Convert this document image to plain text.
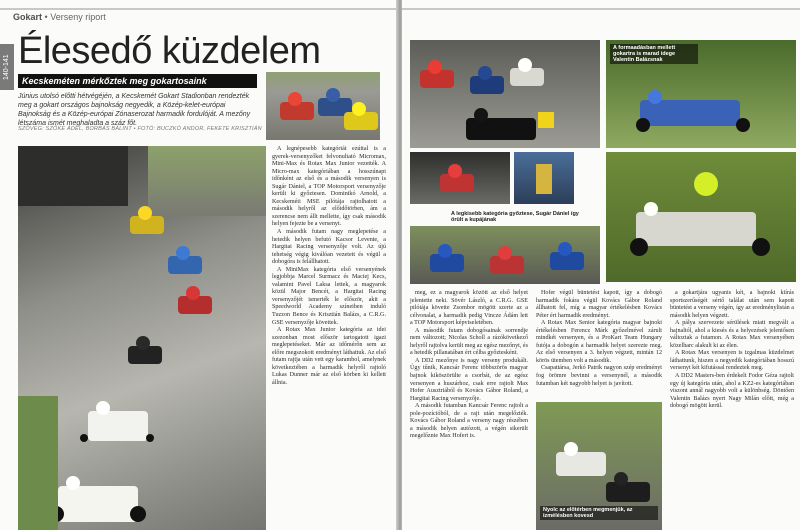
Gokart • Verseny riport
140-141 Élesedő küzdelem
Kecskeméten mérkőztek meg gokartosaink

Június utolsó előtti hétvégéjén, a Kecskemét Gokart Stadionban rendezték meg a gokart országos bajnokság negyedik, a Közép-kelet-európai Bajnokság és a Közép-európai Zónaserozat harmadik fordulóját. A mezőny létszáma ismét meghaladta a száz főt.

SZÖVEG: SZŐKE ÁDEL, BORBÁS BÁLINT • FOTÓ: BUCZKÓ ANDOR, FEKETE KRISZTIÁN

A legnépesebb kategóriát ezúttal is a gyerek-versenyzőket felvonultató Micromax, Mini-Max és Rotax Max Junior vezették. A Micro-max kategóriában a hosszúnapi időnként az első és a második versenyen is Sugár Dániel, a TOP Motorsport versenyzője került ki győztesen. Dominikó Arnold, a Kecskeméti MSE pilótája rajtolhatott a második helyről az előidőtörben, ám a szerencse nem állt mellette, így csak második helyen fejezte be a versenyt.

A második futam nagy meglepetése a hetedik helyen befutó Kacsor Levente, a Hargitai Racing versenyzője volt. Az újú tehetség végig kiválóan vezetett és végül a dobogóra is felállhatott.

A MiniMax kategória első versenyének legjobbja Marcel Surmacz és Maciej Kecs, valamint Pavel Laksa lettek, a magyarok közül Major Bencét, a Hargitai Racing versenyzőjét ismerték le először, akit a Speedworld Academy színeiben induló Tuzzon Bence és Krisztián Balázs, a C.R.G. GSE versenyzője követtek.

A Rotax Max Junior kategória az idei szezonban most először tartogatott igazi meglepetéseket. Már az időmérőn sem az előre megszokott eredményt láthattuk. Az első futam rajtja után vett egy karambol, amelynek következtében a harmadik helyről rajtoló Lukas Dunner már az első körben ki kellett állnia.

A formaadásban mellett gokartra is marad idege Valentin Balázsnak
A legkisebb kategória győztese, Sugár Dániel így örült a kupájának

meg, ez a magyarok között az első helyet jelentette neki. Sövér László, a C.R.G. GSE pilótája követte Zsombor mögött szerte az a célvonalat, a harmadik pedig Vincze Ádám lett a TOP Motorsport képviseletében.

A második futam dobogósainak sorrendje nem változott; Nicolas Scholl a rázókövetkező helyről rajtolva került meg az egész mezőnyt, és a hetedik pillanatában ért célba győztesként.

A DD2 mezőnye is nagy verseny produkált. Úgy tűnik, Kancsár Ferenc többszörös magyar bajnok kiköszörülte a csorbát, de az egész versenyen a huszárhoz, csak erre rajtolt Max Hofer Ausztriából és Kovács Gábor Roland, a Hargitai Racing versenyzője.

A második futamban Kancsár Ferenc rajtolt a pole-pozícióból, de a rajt után megelőzték. Kovács Gábor Roland a verseny nagy részében a második helyen autózott, a végén sikerült megelőznie Max Hofert is.

Hofer végül büntetést kapott, így a dobogó harmadik fokára végül Kovács Gábor Roland állhatott fel, míg a magyar értékelésben Kovács Péter ért harmadik eredményt.

A Rotax Max Senior kategória magyar bajnoki értékelésben Ferencz Márk győzelmével zárult mindkét versenyen, és a ProKart Team Hungary futója a dobogón a harmadik helyet szerezte meg. Az első versenyen a 3. helyen végzett, mintán 12 körös ütemben volt a második.

Csapattársa, Jerkó Patrik nagyon szép eredményt fog örömre bevinni a versenynél, a második futamban két nagyobb helyet is javított.

Nyolc az előtérben megmenjük, az izmélésben kovesd

a gokartjára ugyanis két, a bajnoki kiírás sportszerűségét sértő találat után sem kapott büntetést a verseny végén, így az eredménylistán a második helyen végzett.

A pálya szervezete sérülések miatt megvált a hajnaltól, ahol a kiesés és a helyezések jelentősen változtak a futamon. A Rotax Max versenyében közelharc alakult ki az élen.

A Rotax Max versenyen is izgalmas küzdelmet láthattunk, hiszen a negyedik kategóriában hosszú versenyt két kifutással rendeztek meg.

A DD2 Masters-ben érdekelt Fodor Géza rajtolt egy új kategória után, ahol a KZ2-es kategóriában viszont annál nagyobb volt a különbség. Döntően Valentin Balázs nyert Nagy Milán előtt, még a dobogó mögött kerül.
